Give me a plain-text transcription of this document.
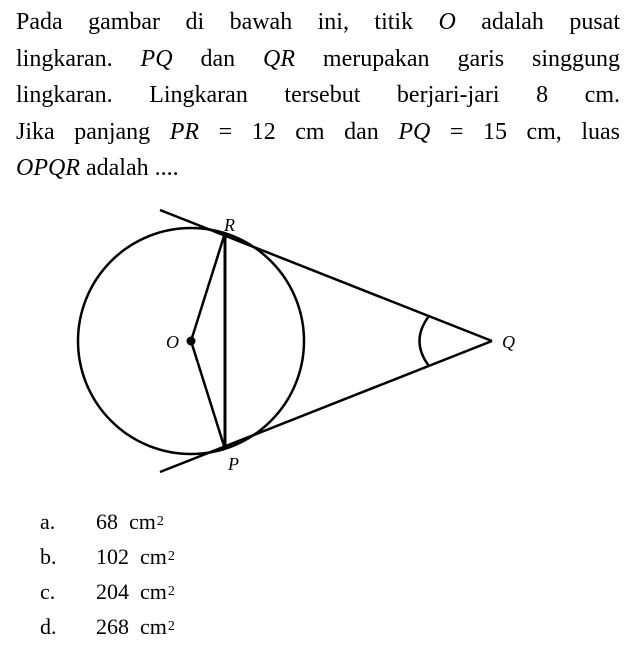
Pada gambar di bawah ini, titik O adalah pusat
lingkaran. PQ dan QR merupakan garis singgung
lingkaran. Lingkaran tersebut berjari-jari 8 cm.
Jika panjang PR = 12 cm dan PQ = 15 cm, luas
OPQR adalah ....
R
O
P
Q
a.	68
cm 2
b.	102
cm 2
c.	204
cm 2
d.	268
cm 2
